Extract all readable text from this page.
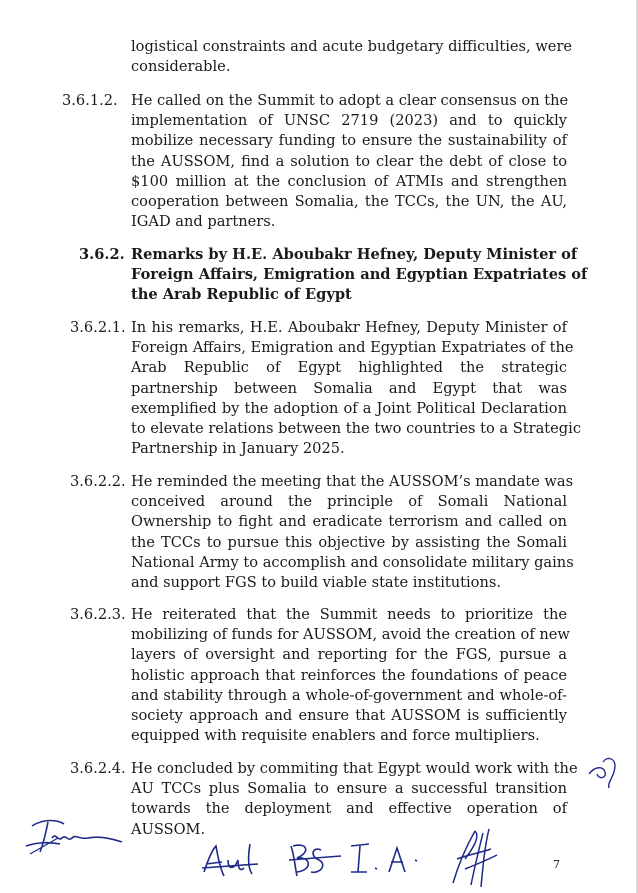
logistical constraints and acute budgetary difficulties, were
considerable.
3.6.1.2. He called on the Summit to adopt a clear consensus on the
implementation of UNSC 2719 (2023) and to quickly
mobilize necessary funding to ensure the sustainability of
the AUSSOM, find a solution to clear the debt of close to
$100 million at the conclusion of ATMIs and strengthen
cooperation between Somalia, the TCCs, the UN, the AU,
IGAD and partners.
3.6.2. Remarks by H.E. Aboubakr Hefney, Deputy Minister of
Foreign Affairs, Emigration and Egyptian Expatriates of
the Arab Republic of Egypt
3.6.2.1. In his remarks, H.E. Aboubakr Hefney, Deputy Minister of
Foreign Affairs, Emigration and Egyptian Expatriates of the
Arab Republic of Egypt highlighted the strategic
partnership between Somalia and Egypt that was
exemplified by the adoption of a Joint Political Declaration
to elevate relations between the two countries to a Strategic
Partnership in January 2025.
3.6.2.2. He reminded the meeting that the AUSSOM’s mandate was
conceived around the principle of Somali National
Ownership to fight and eradicate terrorism and called on
the TCCs to pursue this objective by assisting the Somali
National Army to accomplish and consolidate military gains
and support FGS to build viable state institutions.
3.6.2.3. He reiterated that the Summit needs to prioritize the
mobilizing of funds for AUSSOM, avoid the creation of new
layers of oversight and reporting for the FGS, pursue a
holistic approach that reinforces the foundations of peace
and stability through a whole-of-government and whole-of-
society approach and ensure that AUSSOM is sufficiently
equipped with requisite enablers and force multipliers.
3.6.2.4. He concluded by commiting that Egypt would work with the
AU TCCs plus Somalia to ensure a successful transition
towards the deployment and effective operation of
AUSSOM.
7
